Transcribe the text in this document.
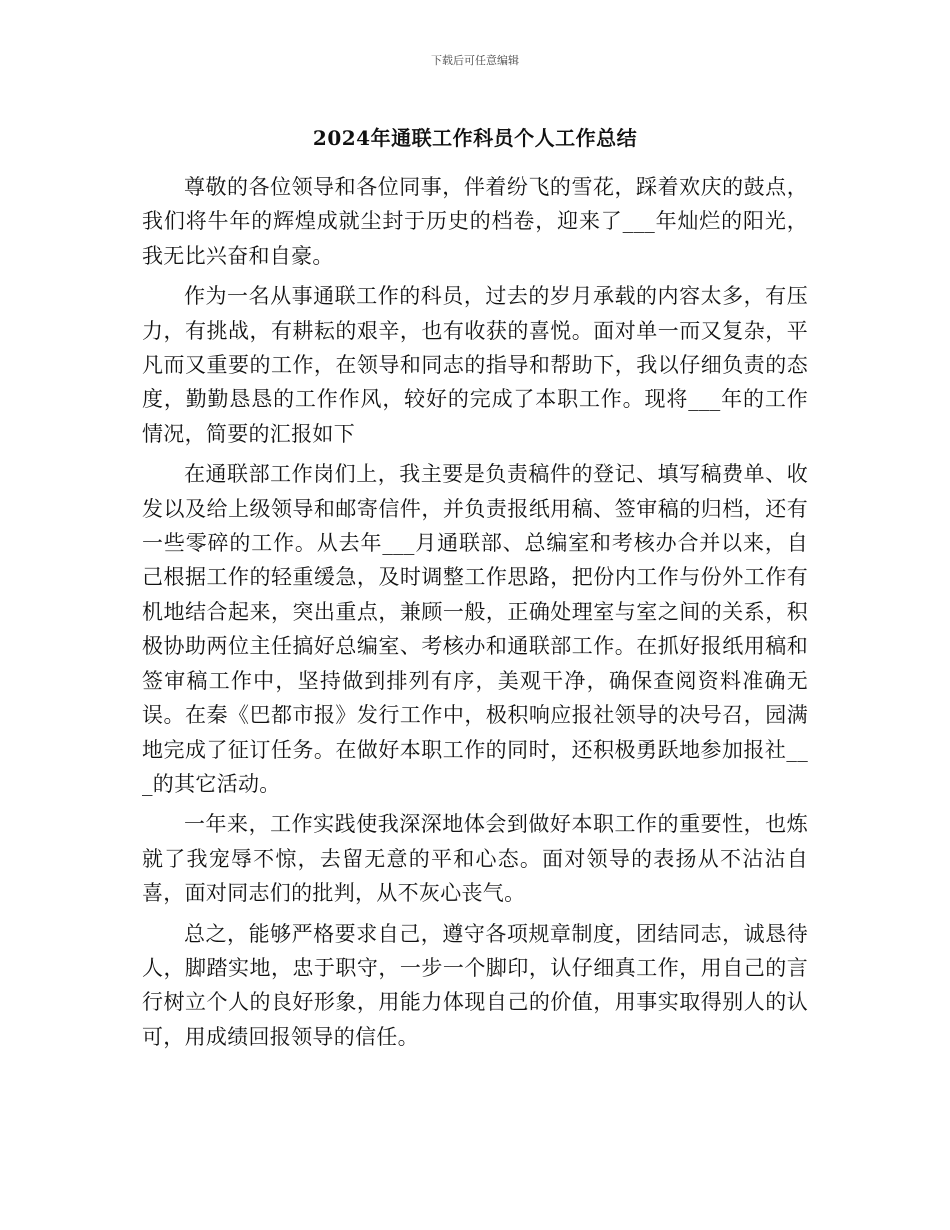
下载后可任意编辑
2024年通联工作科员个人工作总结

尊敬的各位领导和各位同事，伴着纷飞的雪花，踩着欢庆的鼓点，我们将牛年的辉煌成就尘封于历史的档卷，迎来了___年灿烂的阳光，我无比兴奋和自豪。

作为一名从事通联工作的科员，过去的岁月承载的内容太多，有压力，有挑战，有耕耘的艰辛，也有收获的喜悦。面对单一而又复杂，平凡而又重要的工作，在领导和同志的指导和帮助下，我以仔细负责的态度，勤勤恳恳的工作作风，较好的完成了本职工作。现将___年的工作情况，简要的汇报如下

在通联部工作岗们上，我主要是负责稿件的登记、填写稿费单、收发以及给上级领导和邮寄信件，并负责报纸用稿、签审稿的归档，还有一些零碎的工作。从去年___月通联部、总编室和考核办合并以来，自己根据工作的轻重缓急，及时调整工作思路，把份内工作与份外工作有机地结合起来，突出重点，兼顾一般，正确处理室与室之间的关系，积极协助两位主任搞好总编室、考核办和通联部工作。在抓好报纸用稿和签审稿工作中，坚持做到排列有序，美观干净，确保查阅资料准确无误。在秦《巴都市报》发行工作中，极积响应报社领导的决号召，园满地完成了征订任务。在做好本职工作的同时，还积极勇跃地参加报社___的其它活动。

一年来，工作实践使我深深地体会到做好本职工作的重要性，也炼就了我宠辱不惊，去留无意的平和心态。面对领导的表扬从不沾沾自喜，面对同志们的批判，从不灰心丧气。

总之，能够严格要求自己，遵守各项规章制度，团结同志，诚恳待人，脚踏实地，忠于职守，一步一个脚印，认仔细真工作，用自己的言行树立个人的良好形象，用能力体现自己的价值，用事实取得别人的认可，用成绩回报领导的信任。
